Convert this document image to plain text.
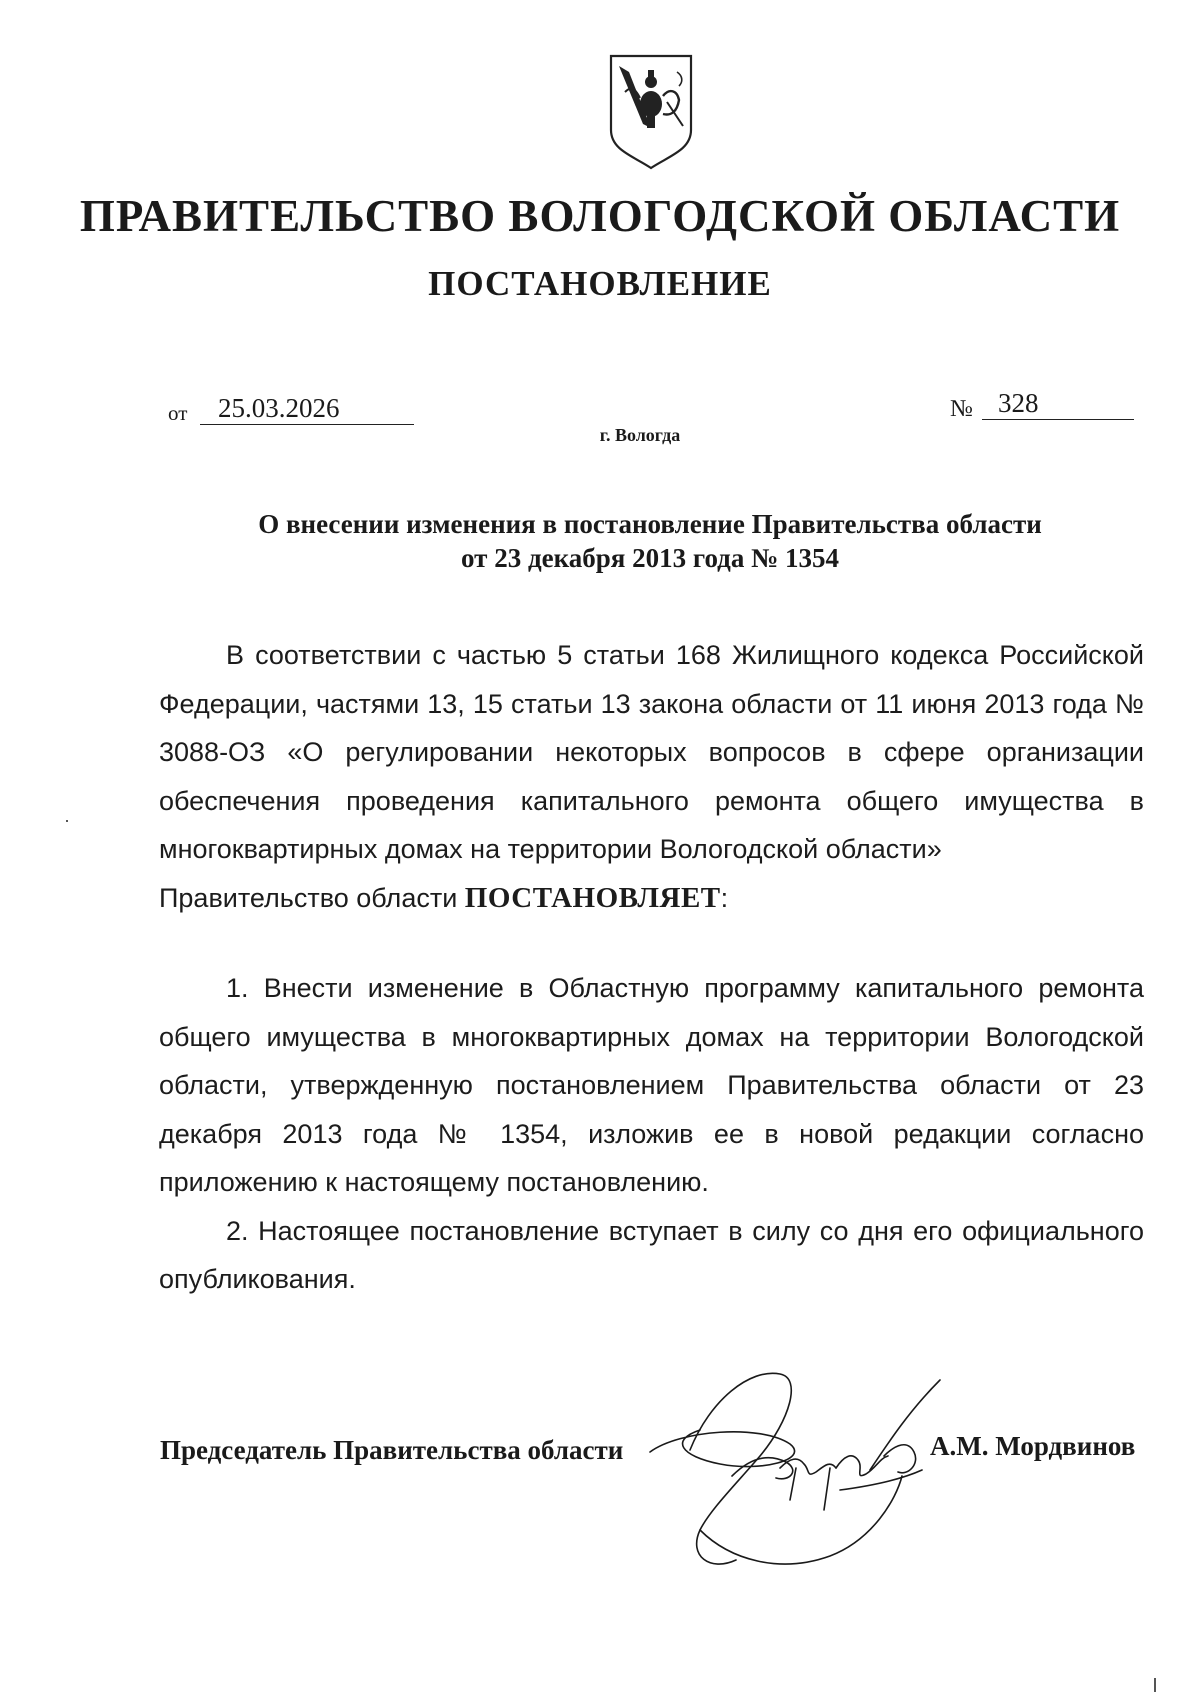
ПРАВИТЕЛЬСТВО ВОЛОГОДСКОЙ ОБЛАСТИ
ПОСТАНОВЛЕНИЕ
от	25.03.2026	№ 328
г. Вологда
О внесении изменения в постановление Правительства области
от 23 декабря 2013 года № 1354

В соответствии с частью 5 статьи 168 Жилищного кодекса Российской Федерации, частями 13, 15 статьи 13 закона области от 11 июня 2013 года № 3088-ОЗ «О регулировании некоторых вопросов в сфере организации обеспечения проведения капитального ремонта общего имущества в многоквартирных домах на территории Вологодской области»

Правительство области ПОСТАНОВЛЯЕТ:

1. Внести изменение в Областную программу капитального ремонта общего имущества в многоквартирных домах на территории Вологодской области, утвержденную постановлением Правительства области от 23 декабря 2013 года № 1354, изложив ее в новой редакции согласно приложению к настоящему постановлению.

2. Настоящее постановление вступает в силу со дня его официального опубликования.

Председатель Правительства области	А.М. Мордвинов
